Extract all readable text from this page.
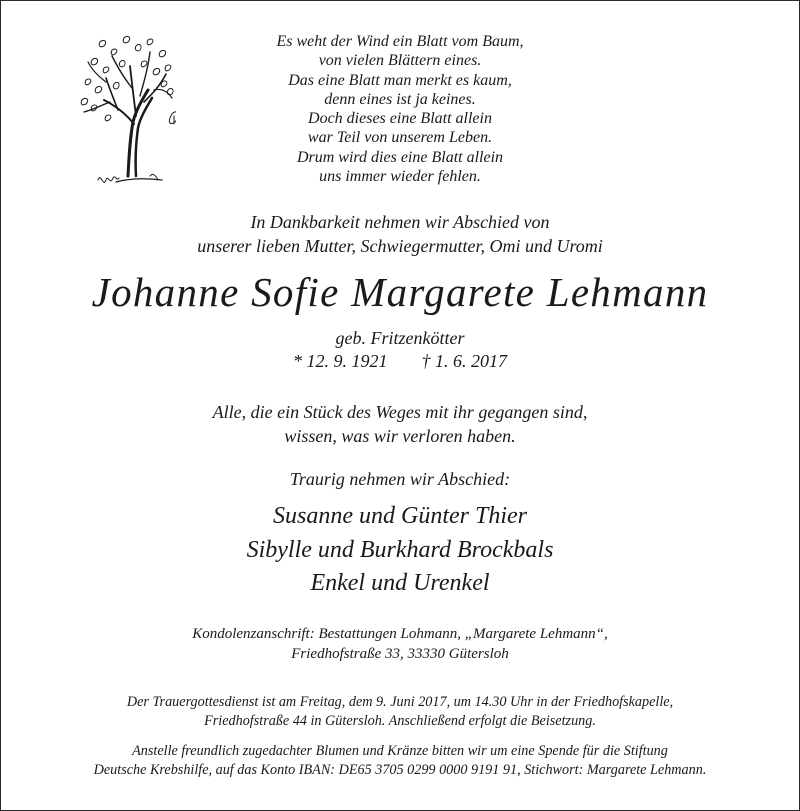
Es weht der Wind ein Blatt vom Baum,
von vielen Blättern eines.
Das eine Blatt man merkt es kaum,
denn eines ist ja keines.
Doch dieses eine Blatt allein
war Teil von unserem Leben.
Drum wird dies eine Blatt allein
uns immer wieder fehlen.
In Dankbarkeit nehmen wir Abschied von
unserer lieben Mutter, Schwiegermutter, Omi und Uromi
Johanne Sofie Margarete Lehmann
geb. Fritzenkötter
* 12. 9. 1921 † 1. 6. 2017
Alle, die ein Stück des Weges mit ihr gegangen sind,
wissen, was wir verloren haben.
Traurig nehmen wir Abschied:
Susanne und Günter Thier
Sibylle und Burkhard Brockbals
Enkel und Urenkel
Kondolenzanschrift: Bestattungen Lohmann, „Margarete Lehmann“,
Friedhofstraße 33, 33330 Gütersloh
Der Trauergottesdienst ist am Freitag, dem 9. Juni 2017, um 14.30 Uhr in der Friedhofskapelle,
Friedhofstraße 44 in Gütersloh. Anschließend erfolgt die Beisetzung.
Anstelle freundlich zugedachter Blumen und Kränze bitten wir um eine Spende für die Stiftung
Deutsche Krebshilfe, auf das Konto IBAN: DE65 3705 0299 0000 9191 91, Stichwort: Margarete Lehmann.
